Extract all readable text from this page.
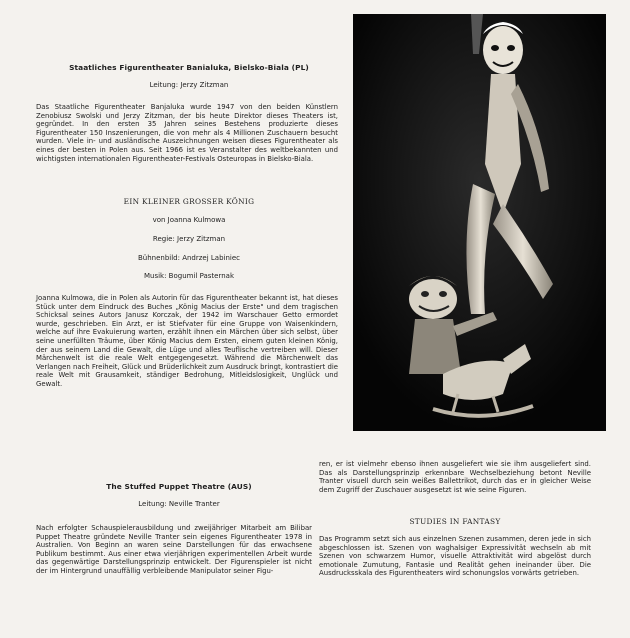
Staatliches Figurentheater Banialuka, Bielsko-Biala (PL)
Leitung: Jerzy Zitzman

Das Staatliche Figurentheater Banjaluka wurde 1947 von den beiden Künstlern Zenobiusz Swolski und Jerzy Zitzman, der bis heute Direktor dieses Theaters ist, gegründet. In den ersten 35 Jahren seines Bestehens produzierte dieses Figurentheater 150 Inszenierungen, die von mehr als 4 Millionen Zuschauern besucht wurden. Viele in- und ausländische Auszeichnungen weisen dieses Figurentheater als eines der besten in Polen aus. Seit 1966 ist es Veranstalter des weltbekannten und wichtigsten internationalen Figurentheater-Festivals Osteuropas in Bielsko-Biala.

EIN KLEINER GROSSER KÖNIG
von Joanna Kulmowa
Regie: Jerzy Zitzman
Bühnenbild: Andrzej Labiniec
Musik: Bogumil Pasternak

Joanna Kulmowa, die in Polen als Autorin für das Figurentheater bekannt ist, hat dieses Stück unter dem Eindruck des Buches „König Macius der Erste" und dem tragischen Schicksal seines Autors Janusz Korczak, der 1942 im Warschauer Getto ermordet wurde, geschrieben. Ein Arzt, er ist Stiefvater für eine Gruppe von Waisenkindern, welche auf ihre Evakuierung warten, erzählt ihnen ein Märchen über sich selbst, über seine unerfüllten Träume, über König Macius dem Ersten, einem guten kleinen König, der aus seinem Land die Gewalt, die Lüge und alles Teuflische vertreiben will. Dieser Märchenwelt ist die reale Welt entgegengesetzt. Während die Märchenwelt das Verlangen nach Freiheit, Glück und Brüderlichkeit zum Ausdruck bringt, kontrastiert die reale Welt mit Grausamkeit, ständiger Bedrohung, Mitleidslosigkeit, Unglück und Gewalt.

The Stuffed Puppet Theatre (AUS)
Leitung: Neville Tranter

Nach erfolgter Schauspielerausbildung und zweijähriger Mitarbeit am Bilibar Puppet Theatre gründete Neville Tranter sein eigenes Figurentheater 1978 in Australien. Von Beginn an waren seine Darstellungen für das erwachsene Publikum bestimmt. Aus einer etwa vierjährigen experimentellen Arbeit wurde das gegenwärtige Darstellungsprinzip entwickelt. Der Figurenspieler ist nicht der im Hintergrund unauffällig verbleibende Manipulator seiner Figu-

ren, er ist vielmehr ebenso ihnen ausgeliefert wie sie ihm ausgeliefert sind. Das als Darstellungsprinzip erkennbare Wechselbeziehung betont Neville Tranter visuell durch sein weißes Ballettrikot, durch das er in gleicher Weise dem Zugriff der Zuschauer ausgesetzt ist wie seine Figuren.

STUDIES IN FANTASY

Das Programm setzt sich aus einzelnen Szenen zusammen, deren jede in sich abgeschlossen ist. Szenen von waghalsiger Expressivität wechseln ab mit Szenen von schwarzem Humor, visuelle Attraktivität wird abgelöst durch emotionale Zumutung, Fantasie und Realität gehen ineinander über. Die Ausdrucksskala des Figurentheaters wird schonungslos vorwärts getrieben.
